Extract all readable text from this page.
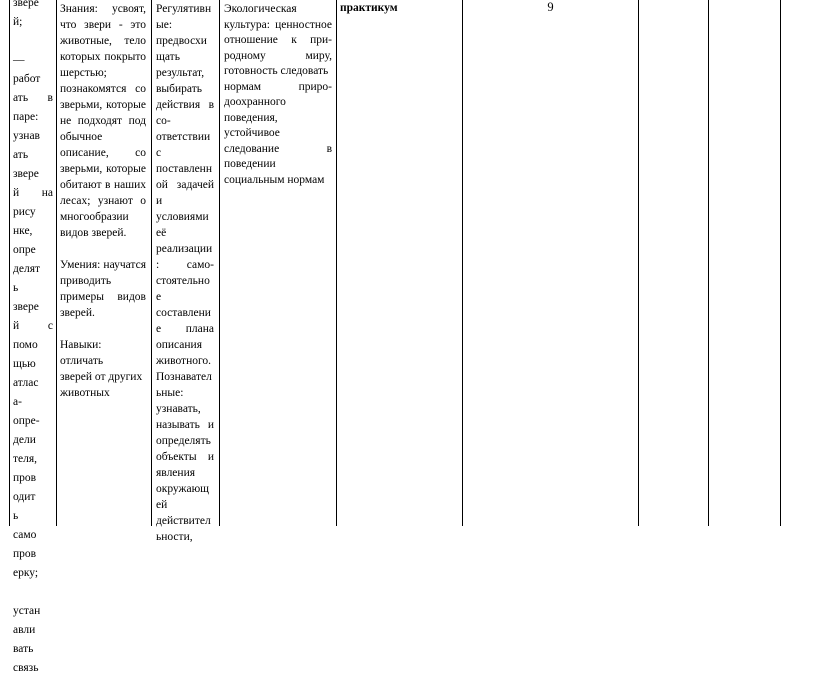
звере
й;
—
работ
ать в
паре:
узнав
ать
звере
й на
рису
нке,
опре
делят
ь
звере
й с
помо
щью
атлас
а-
опре-
дели
теля,
пров
одит
ь
само
пров
ерку;
устан
авли
вать
связь
Знания: усвоят,
что звери - это
животные, тело
которых покрыто
шерстью;
познакомятся со
зверьми, которые
не подходят под
обычное
описание, со
зверьми, которые
обитают в наших
лесах; узнают о
многообразии
видов зверей.
Умения: научатся
приводить
примеры видов
зверей.
Навыки: отличать
зверей от других
животных
Регулятивн
ые:
предвосхи
щать
результат,
выбирать
действия в
со-
ответствии
с
поставленн
ой задачей
и
условиями
её
реализации
: само-
стоятельно
е
составлени
е плана
описания
животного.
Познавател
ьные:
узнавать,
называть и
определять
объекты и
явления
окружающ
ей
действител
ьности,
Экологическая
культура: ценностное
отношение к при-
родному миру,
готовность следовать
нормам приро-
доохранного
поведения,
устойчивое
следование в
поведении
социальным нормам
практикум	9
